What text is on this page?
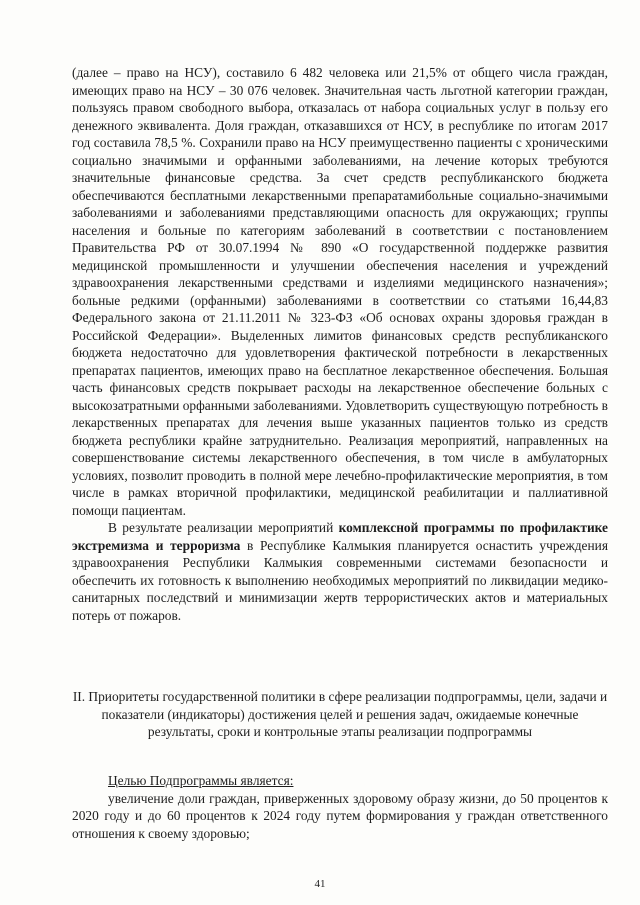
(далее – право на НСУ), составило 6 482 человека или 21,5% от общего числа граждан, имеющих право на НСУ – 30 076 человек. Значительная часть льготной категории граждан, пользуясь правом свободного выбора, отказалась от набора социальных услуг в пользу его денежного эквивалента. Доля граждан, отказавшихся от НСУ, в республике по итогам 2017 год составила 78,5 %. Сохранили право на НСУ преимущественно пациенты с хроническими социально значимыми и орфанными заболеваниями, на лечение которых требуются значительные финансовые средства. За счет средств республиканского бюджета обеспечиваются бесплатными лекарственными препаратамибольные социально-значимыми заболеваниями и заболеваниями представляющими опасность для окружающих; группы населения и больные по категориям заболеваний в соответствии с постановлением Правительства РФ от 30.07.1994 № 890 «О государственной поддержке развития медицинской промышленности и улучшении обеспечения населения и учреждений здравоохранения лекарственными средствами и изделиями медицинского назначения»; больные редкими (орфанными) заболеваниями в соответствии со статьями 16,44,83 Федерального закона от 21.11.2011 № 323-ФЗ «Об основах охраны здоровья граждан в Российской Федерации». Выделенных лимитов финансовых средств республиканского бюджета недостаточно для удовлетворения фактической потребности в лекарственных препаратах пациентов, имеющих право на бесплатное лекарственное обеспечения. Большая часть финансовых средств покрывает расходы на лекарственное обеспечение больных с высокозатратными орфанными заболеваниями. Удовлетворить существующую потребность в лекарственных препаратах для лечения выше указанных пациентов только из средств бюджета республики крайне затруднительно. Реализация мероприятий, направленных на совершенствование системы лекарственного обеспечения, в том числе в амбулаторных условиях, позволит проводить в полной мере лечебно-профилактические мероприятия, в том числе в рамках вторичной профилактики, медицинской реабилитации и паллиативной помощи пациентам.

В результате реализации мероприятий комплексной программы по профилактике экстремизма и терроризма в Республике Калмыкия планируется оснастить учреждения здравоохранения Республики Калмыкия современными системами безопасности и обеспечить их готовность к выполнению необходимых мероприятий по ликвидации медико-санитарных последствий и минимизации жертв террористических актов и материальных потерь от пожаров.

II. Приоритеты государственной политики в сфере реализации подпрограммы, цели, задачи и показатели (индикаторы) достижения целей и решения задач, ожидаемые конечные результаты, сроки и контрольные этапы реализации подпрограммы

Целью Подпрограммы является:

увеличение доли граждан, приверженных здоровому образу жизни, до 50 процентов к 2020 году и до 60 процентов к 2024 году путем формирования у граждан ответственного отношения к своему здоровью;

41
